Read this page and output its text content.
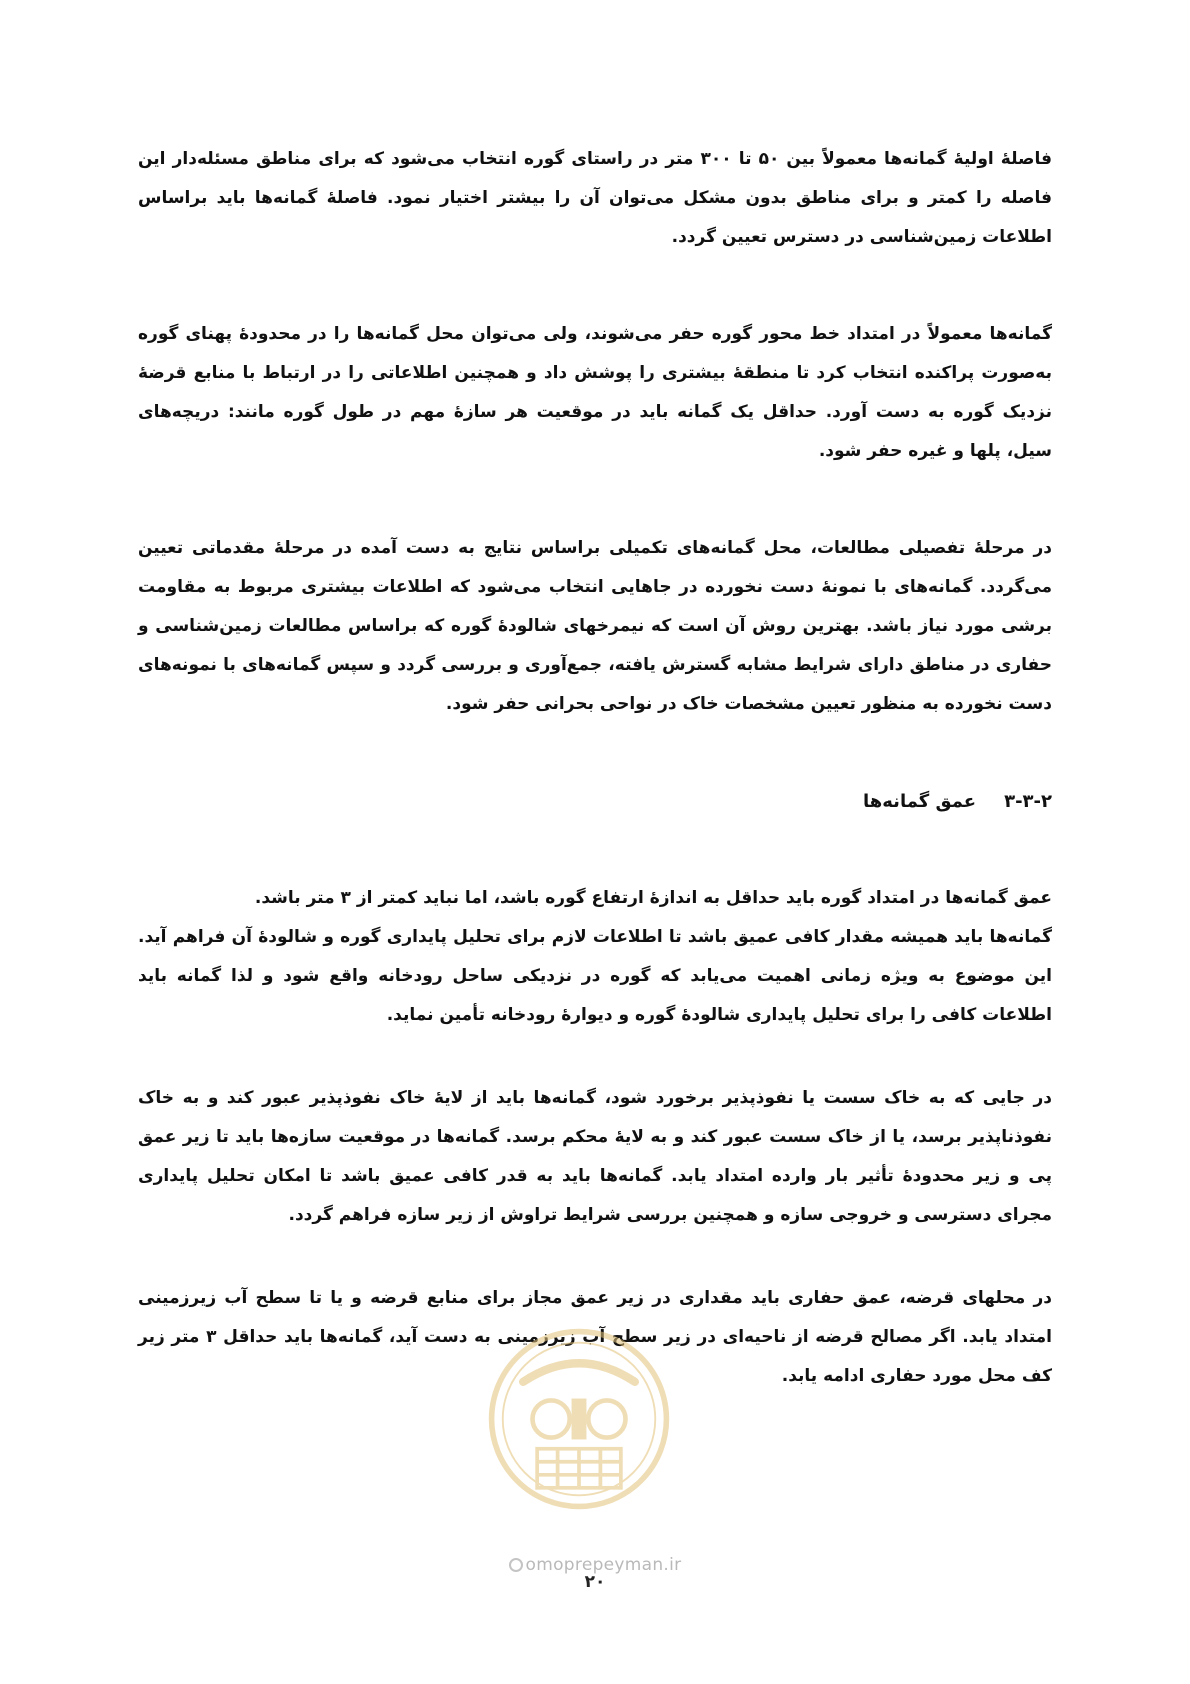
فاصلهٔ اولیهٔ گمانه‌ها معمولاً بین ۵۰ تا ۳۰۰ متر در راستای گوره انتخاب می‌شود که برای مناطق مسئله‌دار این فاصله را کمتر و برای مناطق بدون مشکل می‌توان آن را بیشتر اختیار نمود. فاصلهٔ گمانه‌ها باید براساس اطلاعات زمین‌شناسی در دسترس تعیین گردد.

گمانه‌ها معمولاً در امتداد خط محور گوره حفر می‌شوند، ولی می‌توان محل گمانه‌ها را در محدودهٔ پهنای گوره به‌صورت پراکنده انتخاب کرد تا منطقهٔ بیشتری را پوشش داد و همچنین اطلاعاتی را در ارتباط با منابع قرضهٔ نزدیک گوره به دست آورد. حداقل یک گمانه باید در موقعیت هر سازهٔ مهم در طول گوره مانند: دریچه‌های سیل، پلها و غیره حفر شود.

در مرحلهٔ تفصیلی مطالعات، محل گمانه‌های تکمیلی براساس نتایج به دست آمده در مرحلهٔ مقدماتی تعیین می‌گردد. گمانه‌های با نمونهٔ دست نخورده در جاهایی انتخاب می‌شود که اطلاعات بیشتری مربوط به مقاومت برشی مورد نیاز باشد. بهترین روش آن است که نیمرخهای شالودهٔ گوره که براساس مطالعات زمین‌شناسی و حفاری در مناطق دارای شرایط مشابه گسترش یافته، جمع‌آوری و بررسی گردد و سپس گمانه‌های با نمونه‌های دست نخورده به منظور تعیین مشخصات خاک در نواحی بحرانی حفر شود.

۳-۳-۲عمق گمانه‌ها

عمق گمانه‌ها در امتداد گوره باید حداقل به اندازهٔ ارتفاع گوره باشد، اما نباید کمتر از ۳ متر باشد.

گمانه‌ها باید همیشه مقدار کافی عمیق باشد تا اطلاعات لازم برای تحلیل پایداری گوره و شالودهٔ آن فراهم آید. این موضوع به ویژه زمانی اهمیت می‌یابد که گوره در نزدیکی ساحل رودخانه واقع شود و لذا گمانه باید اطلاعات کافی را برای تحلیل پایداری شالودهٔ گوره و دیوارهٔ رودخانه تأمین نماید.

در جایی که به خاک سست یا نفوذپذیر برخورد شود، گمانه‌ها باید از لایهٔ خاک نفوذپذیر عبور کند و به خاک نفوذناپذیر برسد، یا از خاک سست عبور کند و به لایهٔ محکم برسد. گمانه‌ها در موقعیت سازه‌ها باید تا زیر عمق پی و زیر محدودهٔ تأثیر بار وارده امتداد یابد. گمانه‌ها باید به قدر کافی عمیق باشد تا امکان تحلیل پایداری مجرای دسترسی و خروجی سازه و همچنین بررسی شرایط تراوش از زیر سازه فراهم گردد.

در محلهای قرضه، عمق حفاری باید مقداری در زیر عمق مجاز برای منابع قرضه و یا تا سطح آب زیرزمینی امتداد یابد. اگر مصالح قرضه از ناحیه‌ای در زیر سطح آب زیرزمینی به دست آید، گمانه‌ها باید حداقل ۳ متر زیر کف محل مورد حفاری ادامه یابد.

omoprepeyman.ir
۲۰
